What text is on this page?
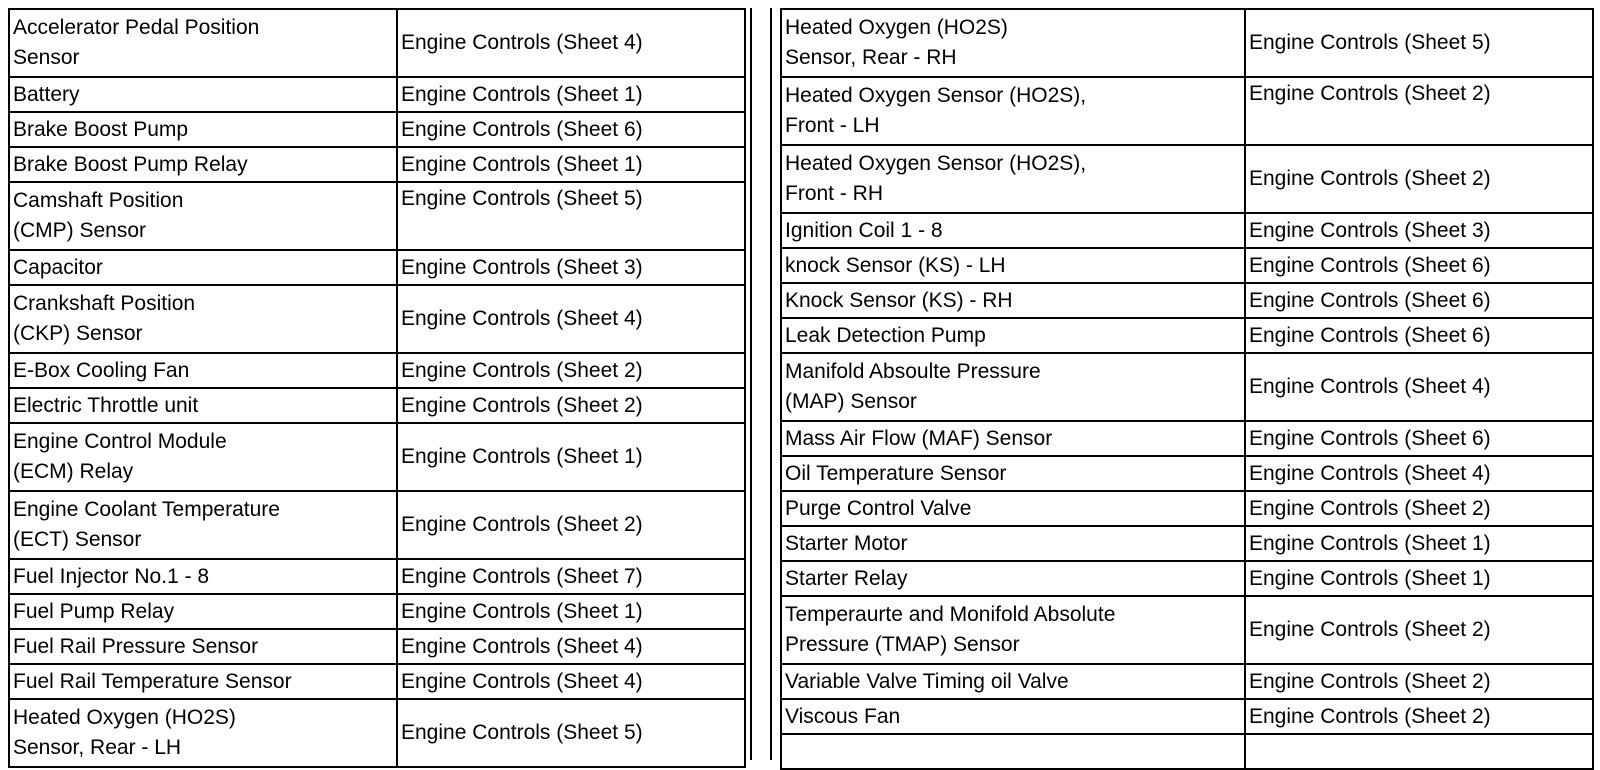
Accelerator Pedal Position
Sensor	Engine Controls (Sheet 4)
Battery	Engine Controls (Sheet 1)
Brake Boost Pump	Engine Controls (Sheet 6)
Brake Boost Pump Relay	Engine Controls (Sheet 1)
Camshaft Position
(CMP) Sensor	Engine Controls (Sheet 5)
Capacitor	Engine Controls (Sheet 3)
Crankshaft Position
(CKP) Sensor	Engine Controls (Sheet 4)
E-Box Cooling Fan	Engine Controls (Sheet 2)
Electric Throttle unit	Engine Controls (Sheet 2)
Engine Control Module
(ECM) Relay	Engine Controls (Sheet 1)
Engine Coolant Temperature
(ECT) Sensor	Engine Controls (Sheet 2)
Fuel Injector No.1 - 8	Engine Controls (Sheet 7)
Fuel Pump Relay	Engine Controls (Sheet 1)
Fuel Rail Pressure Sensor	Engine Controls (Sheet 4)
Fuel Rail Temperature Sensor	Engine Controls (Sheet 4)
Heated Oxygen (HO2S)
Sensor, Rear - LH	Engine Controls (Sheet 5)
Heated Oxygen (HO2S)
Sensor, Rear - RH	Engine Controls (Sheet 5)
Heated Oxygen Sensor (HO2S),
Front - LH	Engine Controls (Sheet 2)
Heated Oxygen Sensor (HO2S),
Front - RH	Engine Controls (Sheet 2)
Ignition Coil 1 - 8	Engine Controls (Sheet 3)
knock Sensor (KS) - LH	Engine Controls (Sheet 6)
Knock Sensor (KS) - RH	Engine Controls (Sheet 6)
Leak Detection Pump	Engine Controls (Sheet 6)
Manifold Absoulte Pressure
(MAP) Sensor	Engine Controls (Sheet 4)
Mass Air Flow (MAF) Sensor	Engine Controls (Sheet 6)
Oil Temperature Sensor	Engine Controls (Sheet 4)
Purge Control Valve	Engine Controls (Sheet 2)
Starter Motor	Engine Controls (Sheet 1)
Starter Relay	Engine Controls (Sheet 1)
Temperaurte and Monifold Absolute
Pressure (TMAP) Sensor	Engine Controls (Sheet 2)
Variable Valve Timing oil Valve	Engine Controls (Sheet 2)
Viscous Fan	Engine Controls (Sheet 2)
